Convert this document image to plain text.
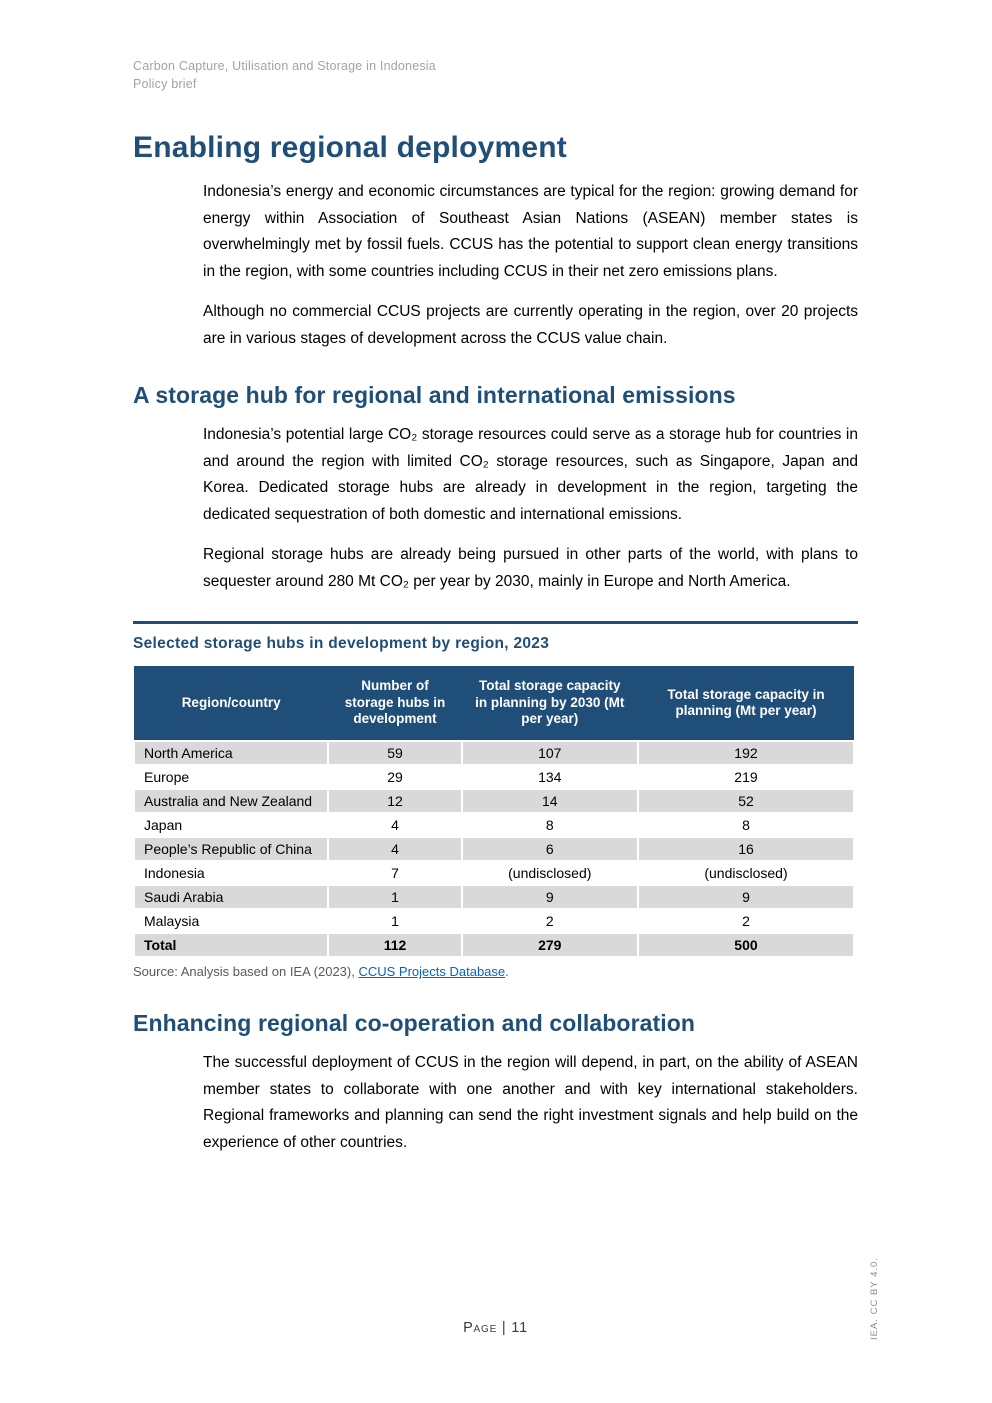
Carbon Capture, Utilisation and Storage in Indonesia
Policy brief
Enabling regional deployment

Indonesia’s energy and economic circumstances are typical for the region: growing demand for energy within Association of Southeast Asian Nations (ASEAN) member states is overwhelmingly met by fossil fuels. CCUS has the potential to support clean energy transitions in the region, with some countries including CCUS in their net zero emissions plans.

Although no commercial CCUS projects are currently operating in the region, over 20 projects are in various stages of development across the CCUS value chain.

A storage hub for regional and international emissions

Indonesia’s potential large CO₂ storage resources could serve as a storage hub for countries in and around the region with limited CO₂ storage resources, such as Singapore, Japan and Korea. Dedicated storage hubs are already in development in the region, targeting the dedicated sequestration of both domestic and international emissions.

Regional storage hubs are already being pursued in other parts of the world, with plans to sequester around 280 Mt CO₂ per year by 2030, mainly in Europe and North America.

Selected storage hubs in development by region, 2023
Region/country	Number of storage hubs in development	Total storage capacity in planning by 2030 (Mt per year)	Total storage capacity in planning (Mt per year)
North America	59	107	192
Europe	29	134	219
Australia and New Zealand	12	14	52
Japan	4	8	8
People’s Republic of China	4	6	16
Indonesia	7	(undisclosed)	(undisclosed)
Saudi Arabia	1	9	9
Malaysia	1	2	2
Total	112	279	500
Source: Analysis based on IEA (2023), CCUS Projects Database.
Enhancing regional co-operation and collaboration

The successful deployment of CCUS in the region will depend, in part, on the ability of ASEAN member states to collaborate with one another and with key international stakeholders. Regional frameworks and planning can send the right investment signals and help build on the experience of other countries.

Page | 11	IEA. CC BY 4.0.
